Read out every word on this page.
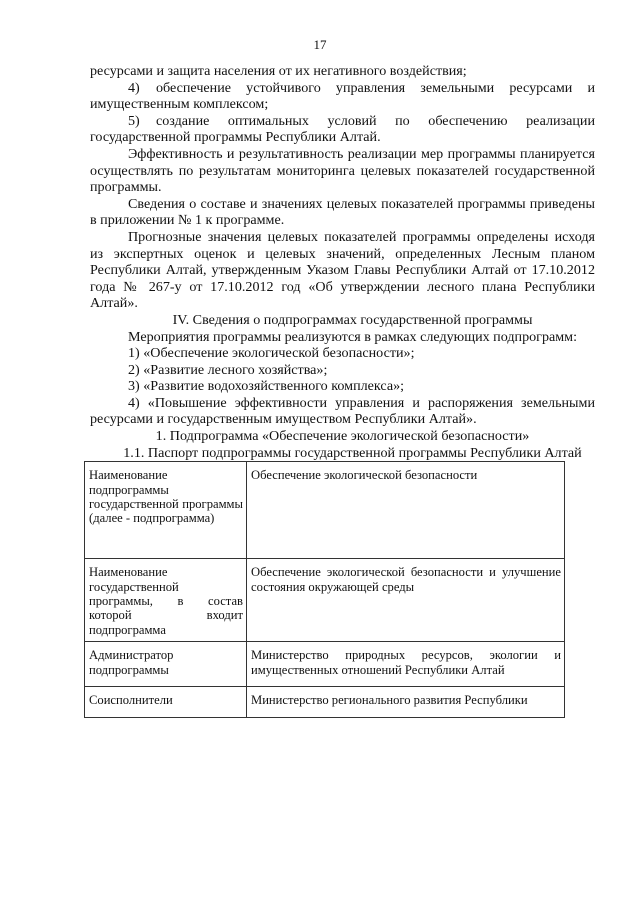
17

ресурсами и защита населения от их негативного воздействия;

4)	обеспечение устойчивого управления земельными ресурсами и

имущественным комплексом;

5)	создание оптимальных условий по обеспечению реализации

государственной программы Республики Алтай.

Эффективность и результативность реализации мер программы планируется осуществлять по результатам мониторинга целевых показателей государственной программы.

Сведения о составе и значениях целевых показателей программы приведены в приложении № 1 к программе.

Прогнозные значения целевых показателей программы определены исходя из экспертных оценок и целевых значений, определенных Лесным планом Республики Алтай, утвержденным Указом Главы Республики Алтай от 17.10.2012 года № 267-у от 17.10.2012 год «Об утверждении лесного плана Республики Алтай».

IV. Сведения о подпрограммах государственной программы

Мероприятия программы реализуются в рамках следующих подпрограмм:

1) «Обеспечение экологической безопасности»;

2) «Развитие лесного хозяйства»;

3) «Развитие водохозяйственного комплекса»;

4) «Повышение эффективности управления и распоряжения земельными ресурсами и государственным имуществом Республики Алтай».

1. Подпрограмма «Обеспечение экологической безопасности»

1.1. Паспорт подпрограммы государственной программы Республики Алтай

Наименование подпрограммы государственной программы (далее - подпрограмма)	Обеспечение экологической безопасности
Наименование государственной программы, в состав которой входит подпрограмма	Обеспечение экологической безопасности и улучшение состояния окружающей среды
Администратор подпрограммы	Министерство природных ресурсов, экологии и имущественных отношений Республики Алтай
Соисполнители	Министерство регионального развития Республики
